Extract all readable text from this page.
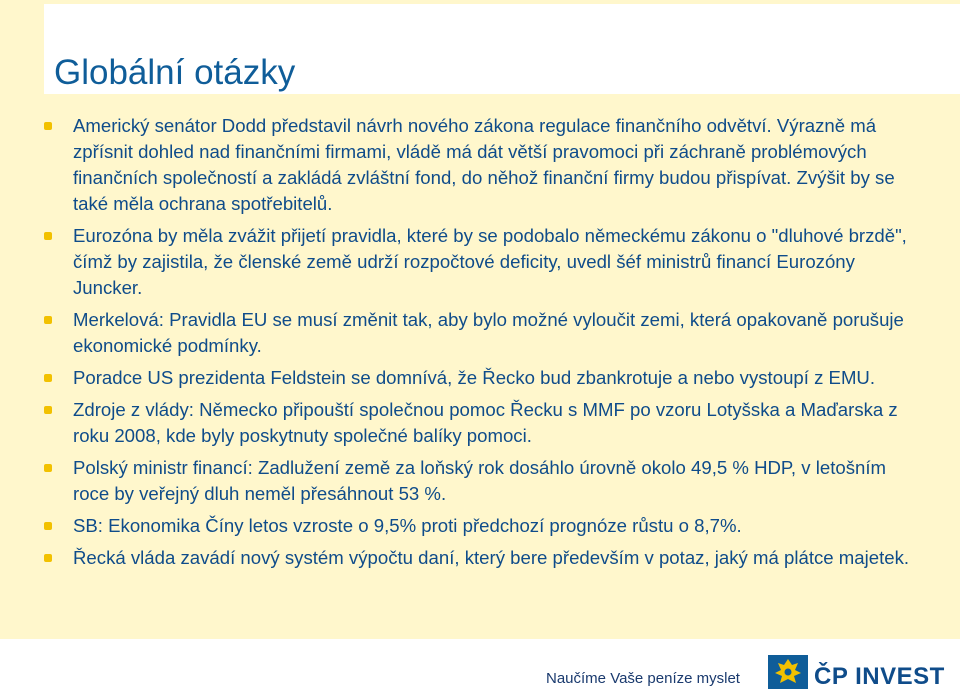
Globální otázky
Americký senátor Dodd představil návrh nového zákona regulace finančního odvětví. Výrazně má zpřísnit dohled nad finančními firmami, vládě má dát větší pravomoci při záchraně problémových finančních společností a zakládá zvláštní fond, do něhož finanční firmy budou přispívat. Zvýšit by se také měla ochrana spotřebitelů.
Eurozóna by měla zvážit přijetí pravidla, které by se podobalo německému zákonu o "dluhové brzdě", čímž by zajistila, že členské země udrží rozpočtové deficity, uvedl šéf ministrů financí Eurozóny Juncker.
Merkelová: Pravidla EU se musí změnit tak, aby bylo možné vyloučit zemi, která opakovaně porušuje ekonomické podmínky.
Poradce US prezidenta Feldstein se domnívá, že Řecko bud zbankrotuje a nebo vystoupí z EMU.
Zdroje z vlády: Německo připouští společnou pomoc Řecku s MMF po vzoru Lotyšska a Maďarska z roku 2008, kde byly poskytnuty společné balíky pomoci.
Polský ministr financí: Zadlužení země za loňský rok dosáhlo úrovně okolo 49,5 % HDP, v letošním roce by veřejný dluh neměl přesáhnout 53 %.
SB: Ekonomika Číny letos vzroste o 9,5% proti předchozí prognóze růstu o 8,7%.
Řecká vláda zavádí nový systém výpočtu daní, který bere především v potaz, jaký má plátce majetek.
Naučíme Vaše peníze myslet	ČP INVEST
